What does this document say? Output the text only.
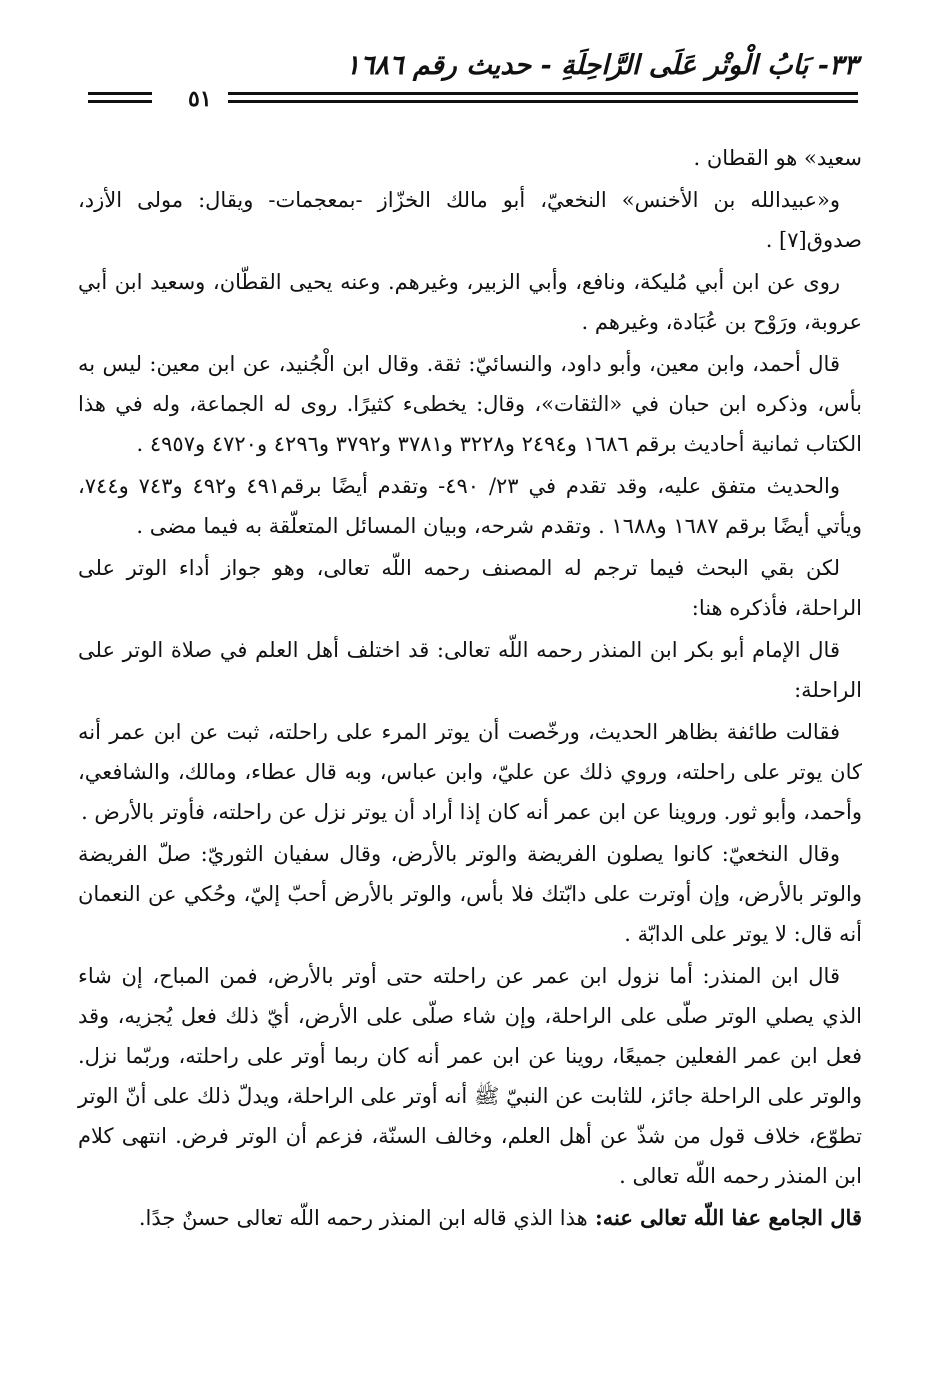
٣٣- بَابُ الْوتْر عَلَى الرَّاحِلَةِ - حديث رقم ١٦٨٦
٥١

سعيد» هو القطان .

و«عبيدالله بن الأخنس» النخعيّ، أبو مالك الخزّاز -بمعجمات- ويقال: مولى الأزد، صدوق[٧] .

روى عن ابن أبي مُليكة، ونافع، وأبي الزبير، وغيرهم. وعنه يحيى القطّان، وسعيد ابن أبي عروبة، ورَوْح بن عُبَادة، وغيرهم .

قال أحمد، وابن معين، وأبو داود، والنسائيّ: ثقة. وقال ابن الْجُنيد، عن ابن معين: ليس به بأس، وذكره ابن حبان في «الثقات»، وقال: يخطىء كثيرًا. روى له الجماعة، وله في هذا الكتاب ثمانية أحاديث برقم ١٦٨٦ و٢٤٩٤ و٣٢٢٨ و٣٧٨١ و٣٧٩٢ و٤٢٩٦ و٤٧٢٠ و٤٩٥٧ .

والحديث متفق عليه، وقد تقدم في ٢٣/ ٤٩٠- وتقدم أيضًا برقم٤٩١ و٤٩٢ و٧٤٣ و٧٤٤، ويأتي أيضًا برقم ١٦٨٧ و١٦٨٨ . وتقدم شرحه، وبيان المسائل المتعلّقة به فيما مضى .

لكن بقي البحث فيما ترجم له المصنف رحمه اللّه تعالى، وهو جواز أداء الوتر على الراحلة، فأذكره هنا:

قال الإمام أبو بكر ابن المنذر رحمه اللّه تعالى: قد اختلف أهل العلم في صلاة الوتر على الراحلة:

فقالت طائفة بظاهر الحديث، ورخّصت أن يوتر المرء على راحلته، ثبت عن ابن عمر أنه كان يوتر على راحلته، وروي ذلك عن عليّ، وابن عباس، وبه قال عطاء، ومالك، والشافعي، وأحمد، وأبو ثور. وروينا عن ابن عمر أنه كان إذا أراد أن يوتر نزل عن راحلته، فأوتر بالأرض .

وقال النخعيّ: كانوا يصلون الفريضة والوتر بالأرض، وقال سفيان الثوريّ: صلّ الفريضة والوتر بالأرض، وإن أوترت على دابّتك فلا بأس، والوتر بالأرض أحبّ إليّ، وحُكي عن النعمان أنه قال: لا يوتر على الدابّة .

قال ابن المنذر: أما نزول ابن عمر عن راحلته حتى أوتر بالأرض، فمن المباح، إن شاء الذي يصلي الوتر صلّى على الراحلة، وإن شاء صلّى على الأرض، أيّ ذلك فعل يُجزيه، وقد فعل ابن عمر الفعلين جميعًا، روينا عن ابن عمر أنه كان ربما أوتر على راحلته، وربّما نزل. والوتر على الراحلة جائز، للثابت عن النبيّ ﷺ أنه أوتر على الراحلة، ويدلّ ذلك على أنّ الوتر تطوّع، خلاف قول من شذّ عن أهل العلم، وخالف السنّة، فزعم أن الوتر فرض. انتهى كلام ابن المنذر رحمه اللّه تعالى .

قال الجامع عفا اللّه تعالى عنه: هذا الذي قاله ابن المنذر رحمه اللّه تعالى حسنٌ جدًا.
